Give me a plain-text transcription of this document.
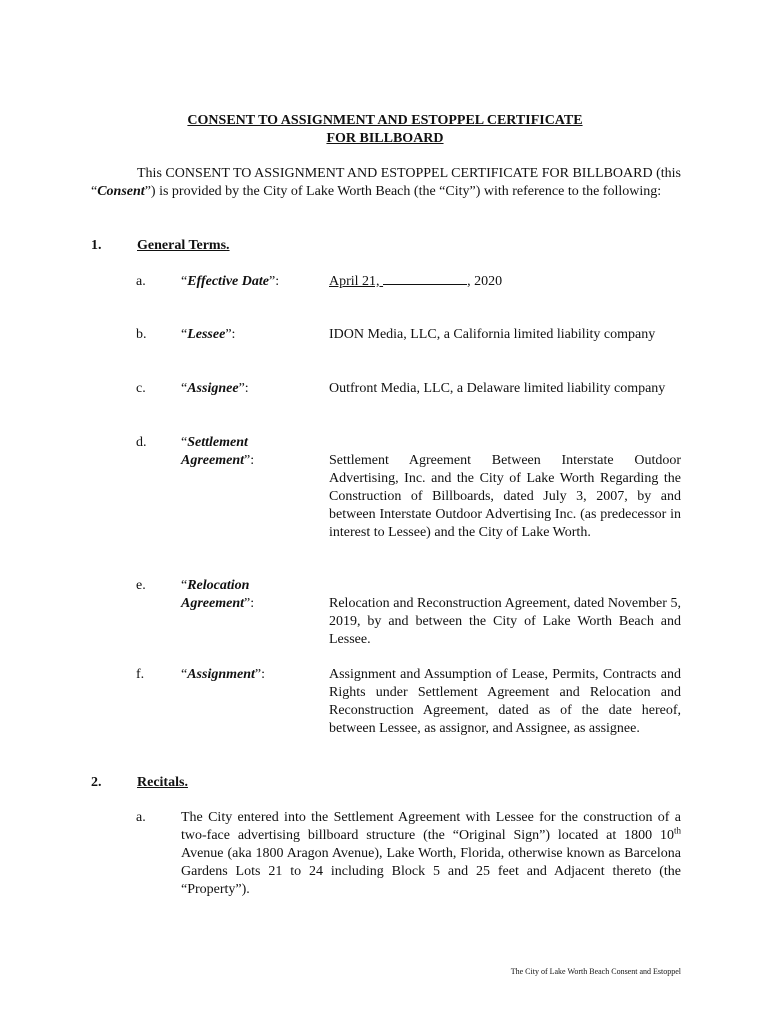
CONSENT TO ASSIGNMENT AND ESTOPPEL CERTIFICATE
FOR BILLBOARD
This CONSENT TO ASSIGNMENT AND ESTOPPEL CERTIFICATE FOR BILLBOARD (this “Consent”) is provided by the City of Lake Worth Beach (the “City”) with reference to the following:
1.	General Terms.
a.	“Effective Date”:	April 21,	, 2020
b. “Lessee”:	IDON Media, LLC, a California limited liability company
c.	“Assignee”:	Outfront Media, LLC, a Delaware limited liability company
d. “Settlement
Agreement”:	Settlement Agreement Between Interstate Outdoor Advertising, Inc. and the City of Lake Worth Regarding the Construction of Billboards, dated July 3, 2007, by and between Interstate Outdoor Advertising Inc. (as predecessor in interest to Lessee) and the City of Lake Worth.
e.	“Relocation
Agreement”:	Relocation and Reconstruction Agreement, dated November 5, 2019, by and between the City of Lake Worth Beach and Lessee.
f.	“Assignment”:	Assignment and Assumption of Lease, Permits, Contracts and Rights under Settlement Agreement and Relocation and Reconstruction Agreement, dated as of the date hereof, between Lessee, as assignor, and Assignee, as assignee.
2.	Recitals.
a.	The City entered into the Settlement Agreement with Lessee for the construction of a two-face advertising billboard structure (the “Original Sign”) located at 1800 10th Avenue (aka 1800 Aragon Avenue), Lake Worth, Florida, otherwise known as Barcelona Gardens Lots 21 to 24 including Block 5 and 25 feet and Adjacent thereto (the “Property”).
The City of Lake Worth Beach Consent and Estoppel
